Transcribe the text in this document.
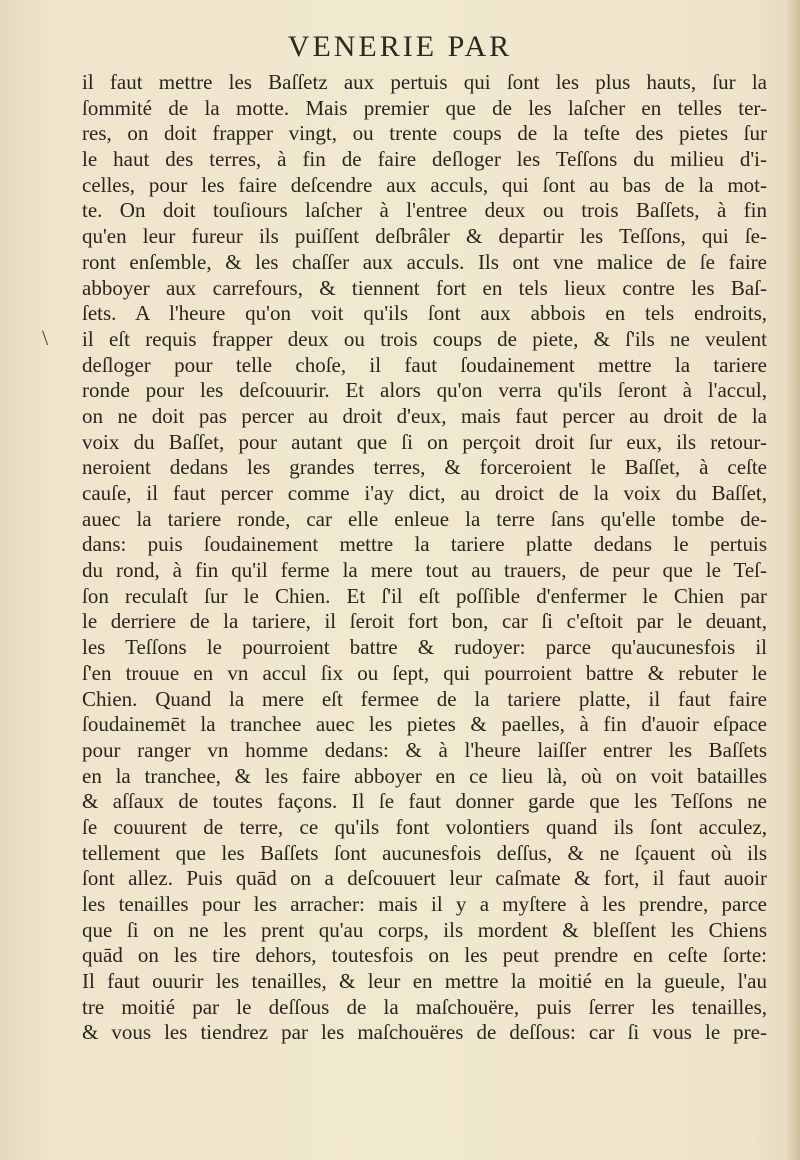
VENERIE PAR
\
il faut mettre les Baſſetz aux pertuis qui ſont les plus hauts, ſur la
ſommité de la motte. Mais premier que de les laſcher en telles ter-
res, on doit frapper vingt, ou trente coups de la teſte des pietes ſur
le haut des terres, à fin de faire deſloger les Teſſons du milieu d'i-
celles, pour les faire deſcendre aux acculs, qui ſont au bas de la mot-
te. On doit touſiours laſcher à l'entree deux ou trois Baſſets, à fin
qu'en leur fureur ils puiſſent deſbrâler & departir les Teſſons, qui ſe-
ront enſemble, & les chaſſer aux acculs. Ils ont vne malice de ſe faire
abboyer aux carrefours, & tiennent fort en tels lieux contre les Baſ-
ſets. A l'heure qu'on voit qu'ils ſont aux abbois en tels endroits,
il eſt requis frapper deux ou trois coups de piete, & ſ'ils ne veulent
deſloger pour telle choſe, il faut ſoudainement mettre la tariere
ronde pour les deſcouurir. Et alors qu'on verra qu'ils ſeront à l'accul,
on ne doit pas percer au droit d'eux, mais faut percer au droit de la
voix du Baſſet, pour autant que ſi on perçoit droit ſur eux, ils retour-
neroient dedans les grandes terres, & forceroient le Baſſet, à ceſte
cauſe, il faut percer comme i'ay dict, au droict de la voix du Baſſet,
auec la tariere ronde, car elle enleue la terre ſans qu'elle tombe de-
dans: puis ſoudainement mettre la tariere platte dedans le pertuis
du rond, à fin qu'il ferme la mere tout au trauers, de peur que le Teſ-
ſon reculaſt ſur le Chien. Et ſ'il eſt poſſible d'enfermer le Chien par
le derriere de la tariere, il ſeroit fort bon, car ſi c'eſtoit par le deuant,
les Teſſons le pourroient battre & rudoyer: parce qu'aucunesfois il
ſ'en trouue en vn accul ſix ou ſept, qui pourroient battre & rebuter le
Chien. Quand la mere eſt fermee de la tariere platte, il faut faire
ſoudainemēt la tranchee auec les pietes & paelles, à fin d'auoir eſpace
pour ranger vn homme dedans: & à l'heure laiſſer entrer les Baſſets
en la tranchee, & les faire abboyer en ce lieu là, où on voit batailles
& aſſaux de toutes façons. Il ſe faut donner garde que les Teſſons ne
ſe couurent de terre, ce qu'ils font volontiers quand ils ſont acculez,
tellement que les Baſſets ſont aucunesfois deſſus, & ne ſçauent où ils
ſont allez. Puis quād on a deſcouuert leur caſmate & fort, il faut auoir
les tenailles pour les arracher: mais il y a myſtere à les prendre, parce
que ſi on ne les prent qu'au corps, ils mordent & bleſſent les Chiens
quād on les tire dehors, toutesfois on les peut prendre en ceſte ſorte:
Il faut ouurir les tenailles, & leur en mettre la moitié en la gueule, l'au
tre moitié par le deſſous de la maſchouëre, puis ſerrer les tenailles,
& vous les tiendrez par les maſchouëres de deſſous: car ſi vous le pre-
